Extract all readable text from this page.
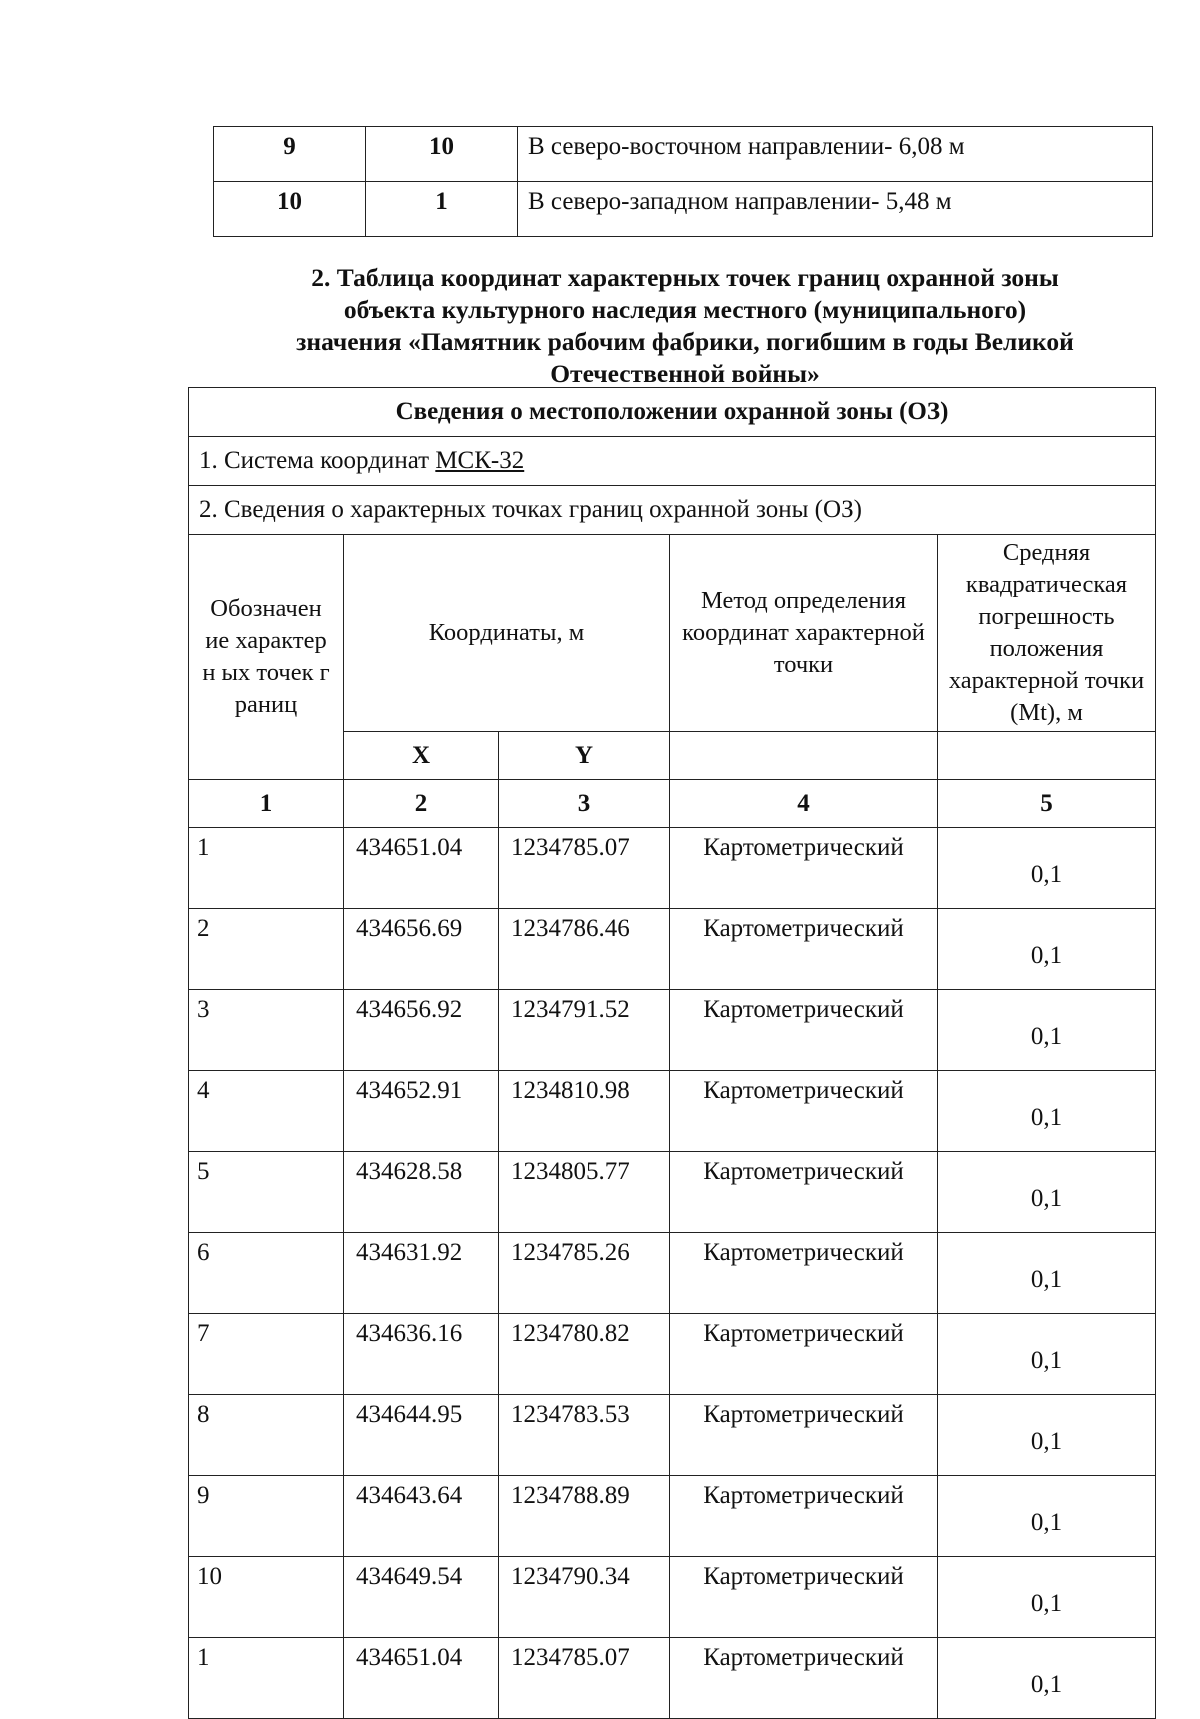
9	10	В северо-восточном направлении- 6,08 м
10	1	В северо-западном направлении- 5,48 м
2. Таблица координат характерных точек границ охранной зоны
объекта культурного наследия местного (муниципального)
значения «Памятник рабочим фабрики, погибшим в годы Великой
Отечественной войны»
Сведения о местоположении охранной зоны (ОЗ)				
1. Система координат МСК-32				
2. Сведения о характерных точках границ охранной зоны (ОЗ)				

Обозначен ие характерн ых точек границ	Координаты, м		Метод определения координат характерной точки	Средняя квадратическая погрешность положения характерной точки (Mt), м
	X	Y		
1	2	3	4	5
1	434651.04	1234785.07	Картометрический	0,1
2	434656.69	1234786.46	Картометрический	0,1
3	434656.92	1234791.52	Картометрический	0,1
4	434652.91	1234810.98	Картометрический	0,1
5	434628.58	1234805.77	Картометрический	0,1
6	434631.92	1234785.26	Картометрический	0,1
7	434636.16	1234780.82	Картометрический	0,1
8	434644.95	1234783.53	Картометрический	0,1
9	434643.64	1234788.89	Картометрический	0,1
10	434649.54	1234790.34	Картометрический	0,1
1	434651.04	1234785.07	Картометрический	0,1
